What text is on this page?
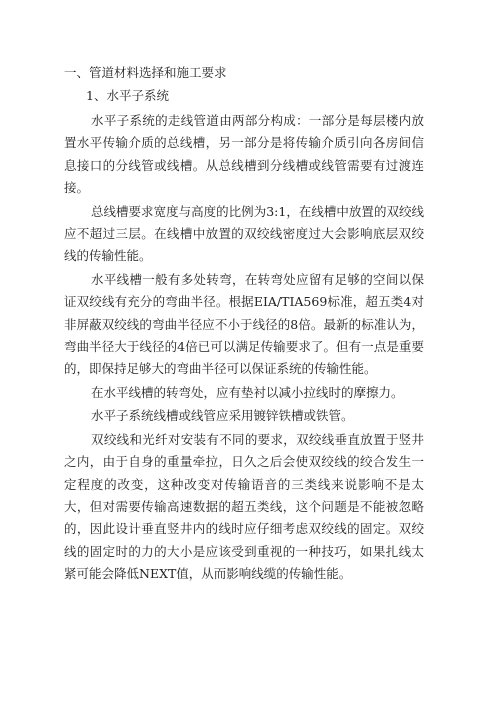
一、管道材料选择和施工要求
1、水平子系统

水平子系统的走线管道由两部分构成：一部分是每层楼内放置水平传输介质的总线槽，另一部分是将传输介质引向各房间信息接口的分线管或线槽。从总线槽到分线槽或线管需要有过渡连接。

总线槽要求宽度与高度的比例为3:1，在线槽中放置的双绞线应不超过三层。在线槽中放置的双绞线密度过大会影响底层双绞线的传输性能。

水平线槽一般有多处转弯，在转弯处应留有足够的空间以保证双绞线有充分的弯曲半径。根据EIA/TIA569标准，超五类4对非屏蔽双绞线的弯曲半径应不小于线径的8倍。最新的标准认为，弯曲半径大于线径的4倍已可以满足传输要求了。但有一点是重要的，即保持足够大的弯曲半径可以保证系统的传输性能。

在水平线槽的转弯处，应有垫衬以减小拉线时的摩擦力。

水平子系统线槽或线管应采用镀锌铁槽或铁管。

双绞线和光纤对安装有不同的要求，双绞线垂直放置于竖井之内，由于自身的重量牵拉，日久之后会使双绞线的绞合发生一定程度的改变，这种改变对传输语音的三类线来说影响不是太大，但对需要传输高速数据的超五类线，这个问题是不能被忽略的，因此设计垂直竖井内的线时应仔细考虑双绞线的固定。双绞线的固定时的力的大小是应该受到重视的一种技巧，如果扎线太紧可能会降低NEXT值，从而影响线缆的传输性能。
